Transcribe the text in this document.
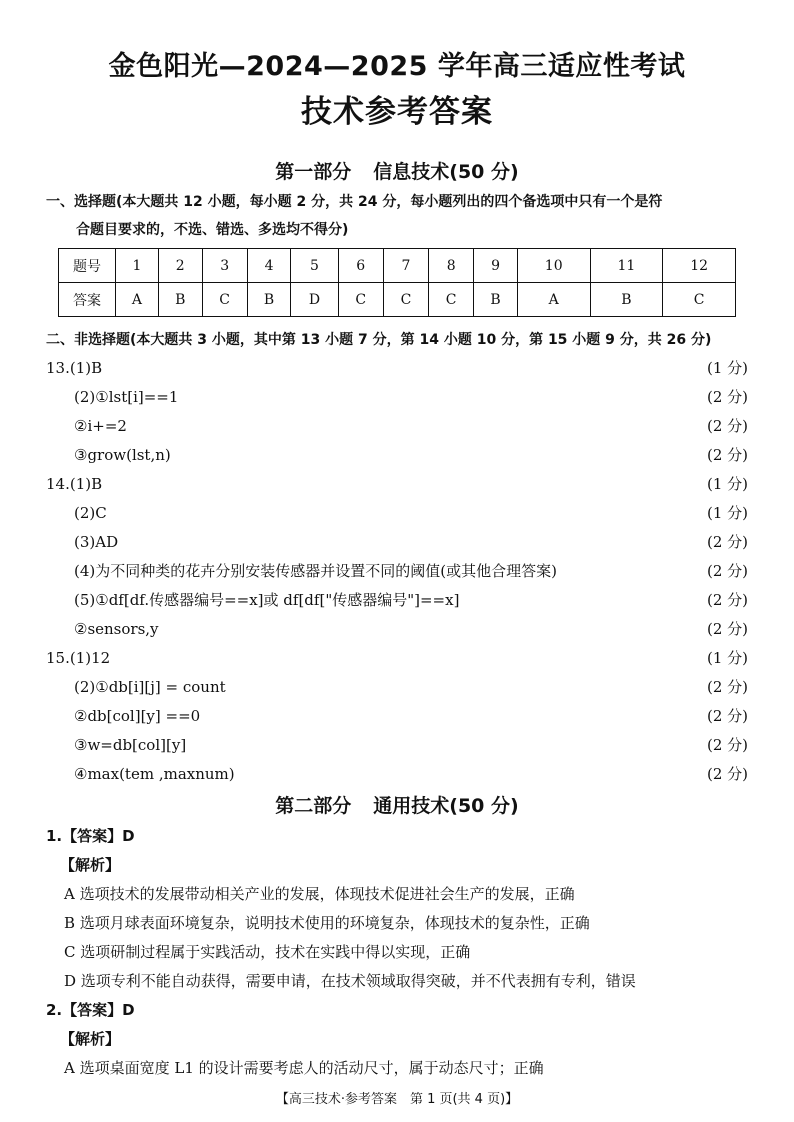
金色阳光—2024—2025 学年高三适应性考试
技术参考答案
第一部分 信息技术(50 分)
一、选择题(本大题共 12 小题，每小题 2 分，共 24 分，每小题列出的四个备选项中只有一个是符
合题目要求的，不选、错选、多选均不得分)
题号	1	2	3	4	5	6	7	8	9	10	11	12
答案	A	B	C	B	D	C	C	C	B	A	B	C
二、非选择题(本大题共 3 小题，其中第 13 小题 7 分，第 14 小题 10 分，第 15 小题 9 分，共 26 分)
13.(1)B	(1 分)
(2)①lst[i]==1	(2 分)
②i+=2	(2 分)
③grow(lst,n)	(2 分)
14.(1)B	(1 分)
(2)C	(1 分)
(3)AD	(2 分)
(4)为不同种类的花卉分别安装传感器并设置不同的阈值(或其他合理答案)	(2 分)
(5)①df[df.传感器编号==x]或 df[df["传感器编号"]==x]	(2 分)
②sensors,y	(2 分)
15.(1)12	(1 分)
(2)①db[i][j] = count	(2 分)
②db[col][y] ==0	(2 分)
③w=db[col][y]	(2 分)
④max(tem ,maxnum)	(2 分)
第二部分 通用技术(50 分)
1.【答案】D
【解析】
A 选项技术的发展带动相关产业的发展，体现技术促进社会生产的发展，正确
B 选项月球表面环境复杂，说明技术使用的环境复杂，体现技术的复杂性，正确
C 选项研制过程属于实践活动，技术在实践中得以实现，正确
D 选项专利不能自动获得，需要申请，在技术领域取得突破，并不代表拥有专利，错误
2.【答案】D
【解析】
A 选项桌面宽度 L1 的设计需要考虑人的活动尺寸，属于动态尺寸；正确
【高三技术·参考答案　第 1 页(共 4 页)】
